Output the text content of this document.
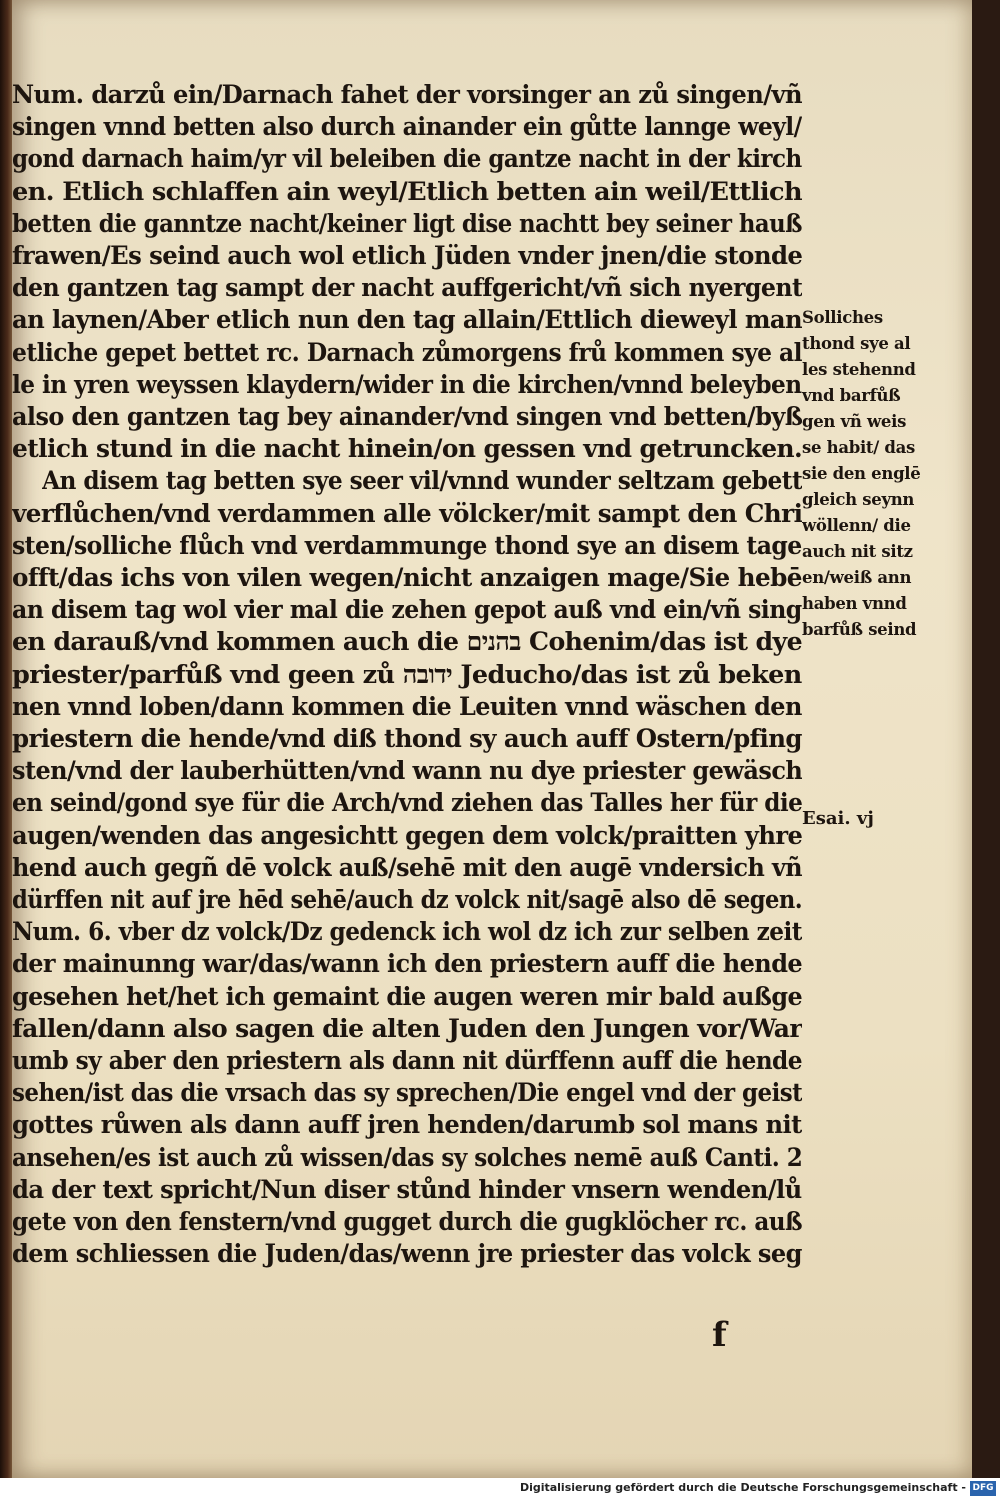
Num. darzů ein/Darnach fahet der vorsinger an zů singen/vñ
singen vnnd betten also durch ainander ein gůtte lannge weyl/
gond darnach haim/yr vil beleiben die gantze nacht in der kirch
en. Etlich schlaffen ain weyl/Etlich betten ain weil/Ettlich
betten die ganntze nacht/keiner ligt dise nachtt bey seiner hauß
frawen/Es seind auch wol etlich Jüden vnder jnen/die stonde
den gantzen tag sampt der nacht auffgericht/vñ sich nyergent
an laynen/Aber etlich nun den tag allain/Ettlich dieweyl man
etliche gepet bettet rc. Darnach zůmorgens frů kommen sye al
le in yren weyssen klaydern/wider in die kirchen/vnnd beleyben
also den gantzen tag bey ainander/vnd singen vnd betten/byß
etlich stund in die nacht hinein/on gessen vnd getruncken.
An disem tag betten sye seer vil/vnnd wunder seltzam gebett
verflůchen/vnd verdammen alle völcker/mit sampt den Chri
sten/solliche flůch vnd verdammunge thond sye an disem tage
offt/das ichs von vilen wegen/nicht anzaigen mage/Sie hebē
an disem tag wol vier mal die zehen gepot auß vnd ein/vñ sing
en darauß/vnd kommen auch die בהנים Cohenim/das ist dye
priester/parfůß vnd geen zů ידובה Jeducho/das ist zů beken
nen vnnd loben/dann kommen die Leuiten vnnd wäschen den
priestern die hende/vnd diß thond sy auch auff Ostern/pfing
sten/vnd der lauberhütten/vnd wann nu dye priester gewäsch
en seind/gond sye für die Arch/vnd ziehen das Talles her für die
augen/wenden das angesichtt gegen dem volck/praitten yhre
hend auch gegñ dē volck auß/sehē mit den augē vndersich vñ
dürffen nit auf jre hēd sehē/auch dz volck nit/sagē also dē segen.
Num. 6. vber dz volck/Dz gedenck ich wol dz ich zur selben zeit
der mainunng war/das/wann ich den priestern auff die hende
gesehen het/het ich gemaint die augen weren mir bald außge
fallen/dann also sagen die alten Juden den Jungen vor/War
umb sy aber den priestern als dann nit dürffenn auff die hende
sehen/ist das die vrsach das sy sprechen/Die engel vnd der geist
gottes růwen als dann auff jren henden/darumb sol mans nit
ansehen/es ist auch zů wissen/das sy solches nemē auß Canti. 2
da der text spricht/Nun diser stůnd hinder vnsern wenden/lů
gete von den fenstern/vnd gugget durch die gugklöcher rc. auß
dem schliessen die Juden/das/wenn jre priester das volck seg
Solliches
thond sye al
les stehennd
vnd barfůß
gen vñ weis
se habit/ das
sie den englē
gleich seynn
wöllenn/ die
auch nit sitz
en/weiß ann
haben vnnd
barfůß seind
Esai. vj
f
Digitalisierung gefördert durch die Deutsche Forschungsgemeinschaft - DFG
